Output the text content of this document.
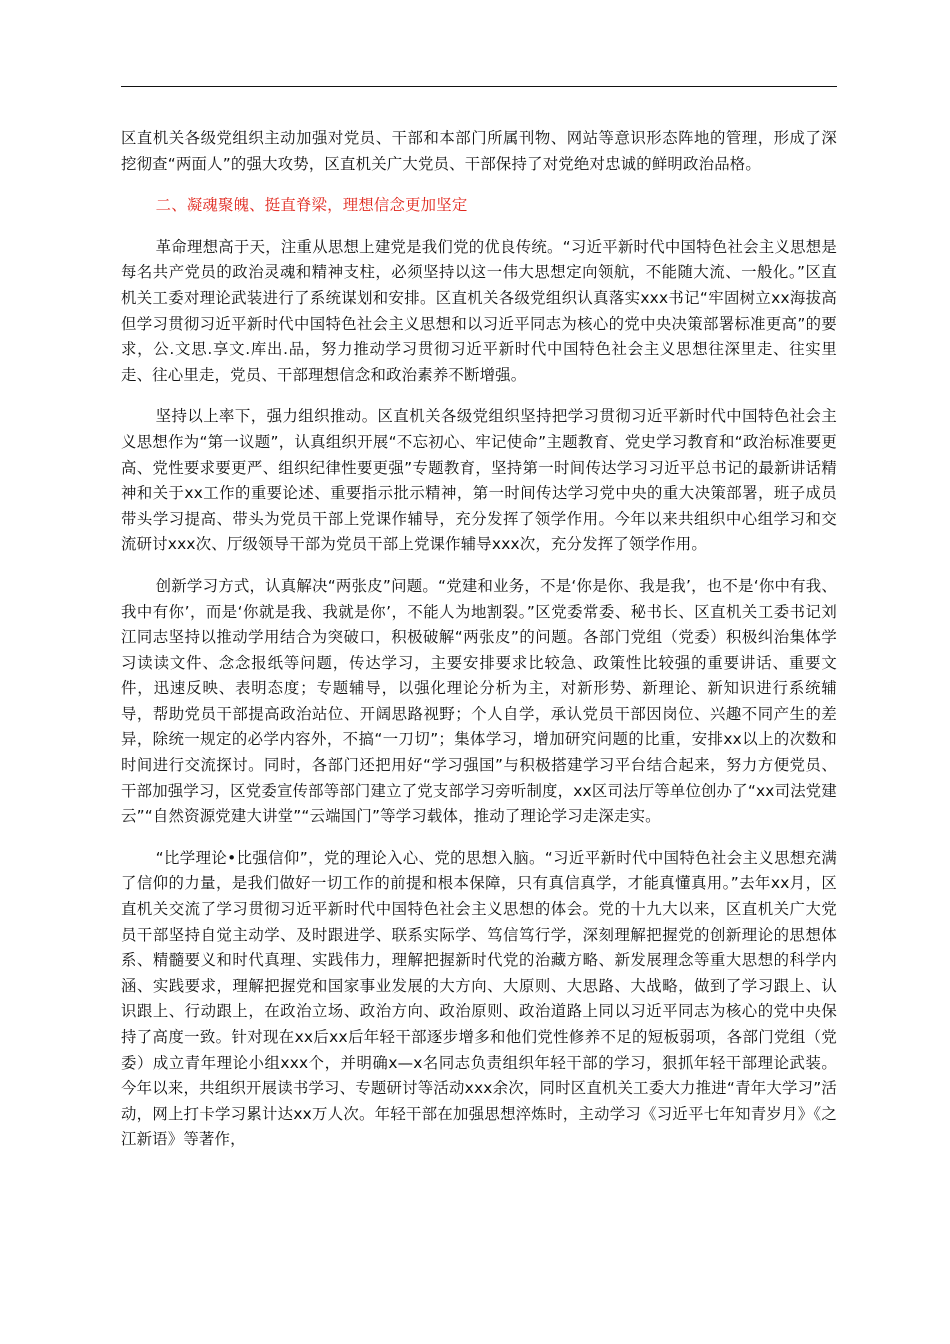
区直机关各级党组织主动加强对党员、干部和本部门所属刊物、网站等意识形态阵地的管理，形成了深挖彻查“两面人”的强大攻势，区直机关广大党员、干部保持了对党绝对忠诚的鲜明政治品格。

二、凝魂聚魄、挺直脊梁，理想信念更加坚定

革命理想高于天，注重从思想上建党是我们党的优良传统。“习近平新时代中国特色社会主义思想是每名共产党员的政治灵魂和精神支柱，必须坚持以这一伟大思想定向领航，不能随大流、一般化。”区直机关工委对理论武装进行了系统谋划和安排。区直机关各级党组织认真落实xxx书记“牢固树立xx海拔高但学习贯彻习近平新时代中国特色社会主义思想和以习近平同志为核心的党中央决策部署标准更高”的要求，公.文思.享文.库出.品，努力推动学习贯彻习近平新时代中国特色社会主义思想往深里走、往实里走、往心里走，党员、干部理想信念和政治素养不断增强。

坚持以上率下，强力组织推动。区直机关各级党组织坚持把学习贯彻习近平新时代中国特色社会主义思想作为“第一议题”，认真组织开展“不忘初心、牢记使命”主题教育、党史学习教育和“政治标准要更高、党性要求要更严、组织纪律性要更强”专题教育，坚持第一时间传达学习习近平总书记的最新讲话精神和关于xx工作的重要论述、重要指示批示精神，第一时间传达学习党中央的重大决策部署，班子成员带头学习提高、带头为党员干部上党课作辅导，充分发挥了领学作用。今年以来共组织中心组学习和交流研讨xxx次、厅级领导干部为党员干部上党课作辅导xxx次，充分发挥了领学作用。

创新学习方式，认真解决“两张皮”问题。“党建和业务，不是‘你是你、我是我’，也不是‘你中有我、我中有你’，而是‘你就是我、我就是你’，不能人为地割裂。”区党委常委、秘书长、区直机关工委书记刘江同志坚持以推动学用结合为突破口，积极破解“两张皮”的问题。各部门党组（党委）积极纠治集体学习读读文件、念念报纸等问题，传达学习，主要安排要求比较急、政策性比较强的重要讲话、重要文件，迅速反映、表明态度；专题辅导，以强化理论分析为主，对新形势、新理论、新知识进行系统辅导，帮助党员干部提高政治站位、开阔思路视野；个人自学，承认党员干部因岗位、兴趣不同产生的差异，除统一规定的必学内容外，不搞“一刀切”；集体学习，增加研究问题的比重，安排xx以上的次数和时间进行交流探讨。同时，各部门还把用好“学习强国”与积极搭建学习平台结合起来，努力方便党员、干部加强学习，区党委宣传部等部门建立了党支部学习旁听制度，xx区司法厅等单位创办了“xx司法党建云”“自然资源党建大讲堂”“云端国门”等学习载体，推动了理论学习走深走实。

“比学理论•比强信仰”，党的理论入心、党的思想入脑。“习近平新时代中国特色社会主义思想充满了信仰的力量，是我们做好一切工作的前提和根本保障，只有真信真学，才能真懂真用。”去年xx月，区直机关交流了学习贯彻习近平新时代中国特色社会主义思想的体会。党的十九大以来，区直机关广大党员干部坚持自觉主动学、及时跟进学、联系实际学、笃信笃行学，深刻理解把握党的创新理论的思想体系、精髓要义和时代真理、实践伟力，理解把握新时代党的治藏方略、新发展理念等重大思想的科学内涵、实践要求，理解把握党和国家事业发展的大方向、大原则、大思路、大战略，做到了学习跟上、认识跟上、行动跟上，在政治立场、政治方向、政治原则、政治道路上同以习近平同志为核心的党中央保持了高度一致。针对现在xx后xx后年轻干部逐步增多和他们党性修养不足的短板弱项，各部门党组（党委）成立青年理论小组xxx个，并明确x—x名同志负责组织年轻干部的学习，狠抓年轻干部理论武装。今年以来，共组织开展读书学习、专题研讨等活动xxx余次，同时区直机关工委大力推进“青年大学习”活动，网上打卡学习累计达xx万人次。年轻干部在加强思想淬炼时，主动学习《习近平七年知青岁月》《之江新语》等著作，
